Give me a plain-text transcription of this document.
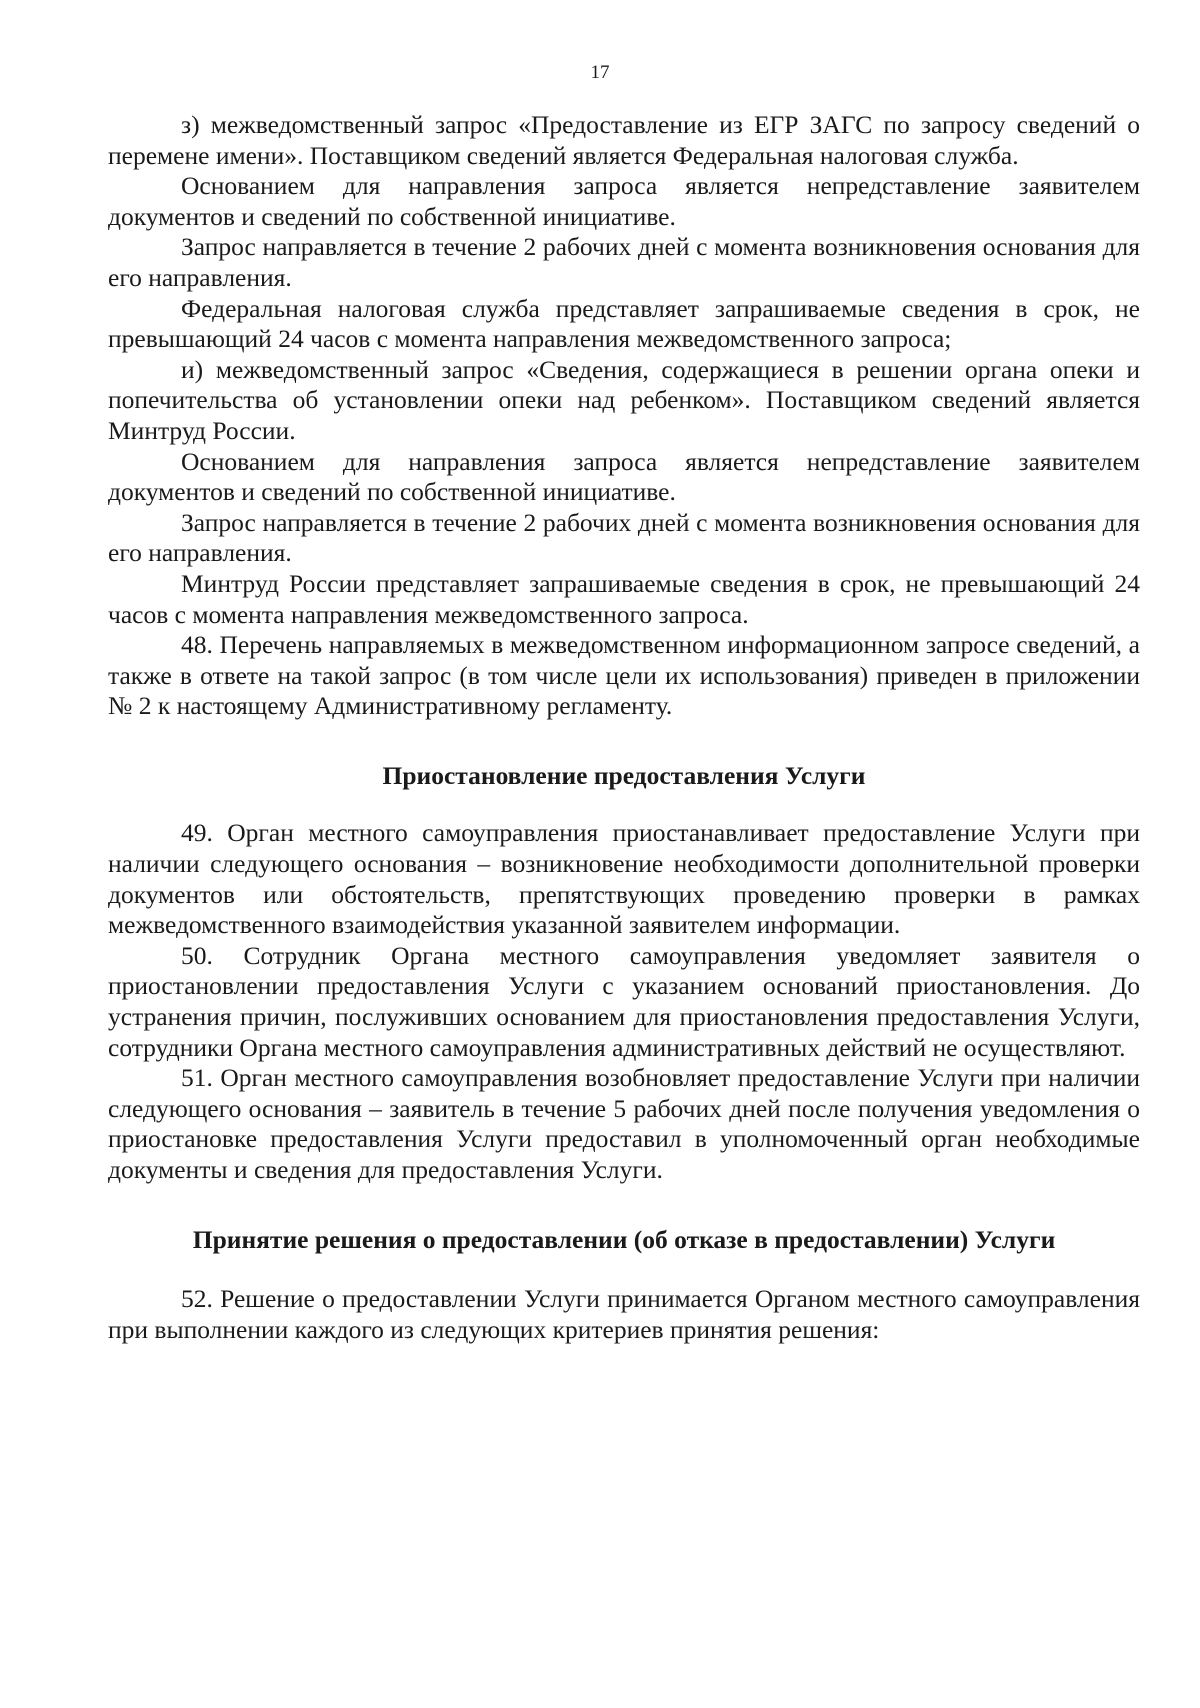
17

з) межведомственный запрос «Предоставление из ЕГР ЗАГС по запросу сведений о перемене имени». Поставщиком сведений является Федеральная налоговая служба.

Основанием для направления запроса является непредставление заявителем документов и сведений по собственной инициативе.

Запрос направляется в течение 2 рабочих дней с момента возникновения основания для его направления.

Федеральная налоговая служба представляет запрашиваемые сведения в срок, не превышающий 24 часов с момента направления межведомственного запроса;

и) межведомственный запрос «Сведения, содержащиеся в решении органа опеки и попечительства об установлении опеки над ребенком». Поставщиком сведений является Минтруд России.

Основанием для направления запроса является непредставление заявителем документов и сведений по собственной инициативе.

Запрос направляется в течение 2 рабочих дней с момента возникновения основания для его направления.

Минтруд России представляет запрашиваемые сведения в срок, не превышающий 24 часов с момента направления межведомственного запроса.

48. Перечень направляемых в межведомственном информационном запросе сведений, а также в ответе на такой запрос (в том числе цели их использования) приведен в приложении № 2 к настоящему Административному регламенту.

Приостановление предоставления Услуги

49. Орган местного самоуправления приостанавливает предоставление Услуги при наличии следующего основания – возникновение необходимости дополнительной проверки документов или обстоятельств, препятствующих проведению проверки в рамках межведомственного взаимодействия указанной заявителем информации.

50. Сотрудник Органа местного самоуправления уведомляет заявителя о приостановлении предоставления Услуги с указанием оснований приостановления. До устранения причин, послуживших основанием для приостановления предоставления Услуги, сотрудники Органа местного самоуправления административных действий не осуществляют.

51. Орган местного самоуправления возобновляет предоставление Услуги при наличии следующего основания – заявитель в течение 5 рабочих дней после получения уведомления о приостановке предоставления Услуги предоставил в уполномоченный орган необходимые документы и сведения для предоставления Услуги.

Принятие решения о предоставлении (об отказе в предоставлении) Услуги

52. Решение о предоставлении Услуги принимается Органом местного самоуправления при выполнении каждого из следующих критериев принятия решения:
